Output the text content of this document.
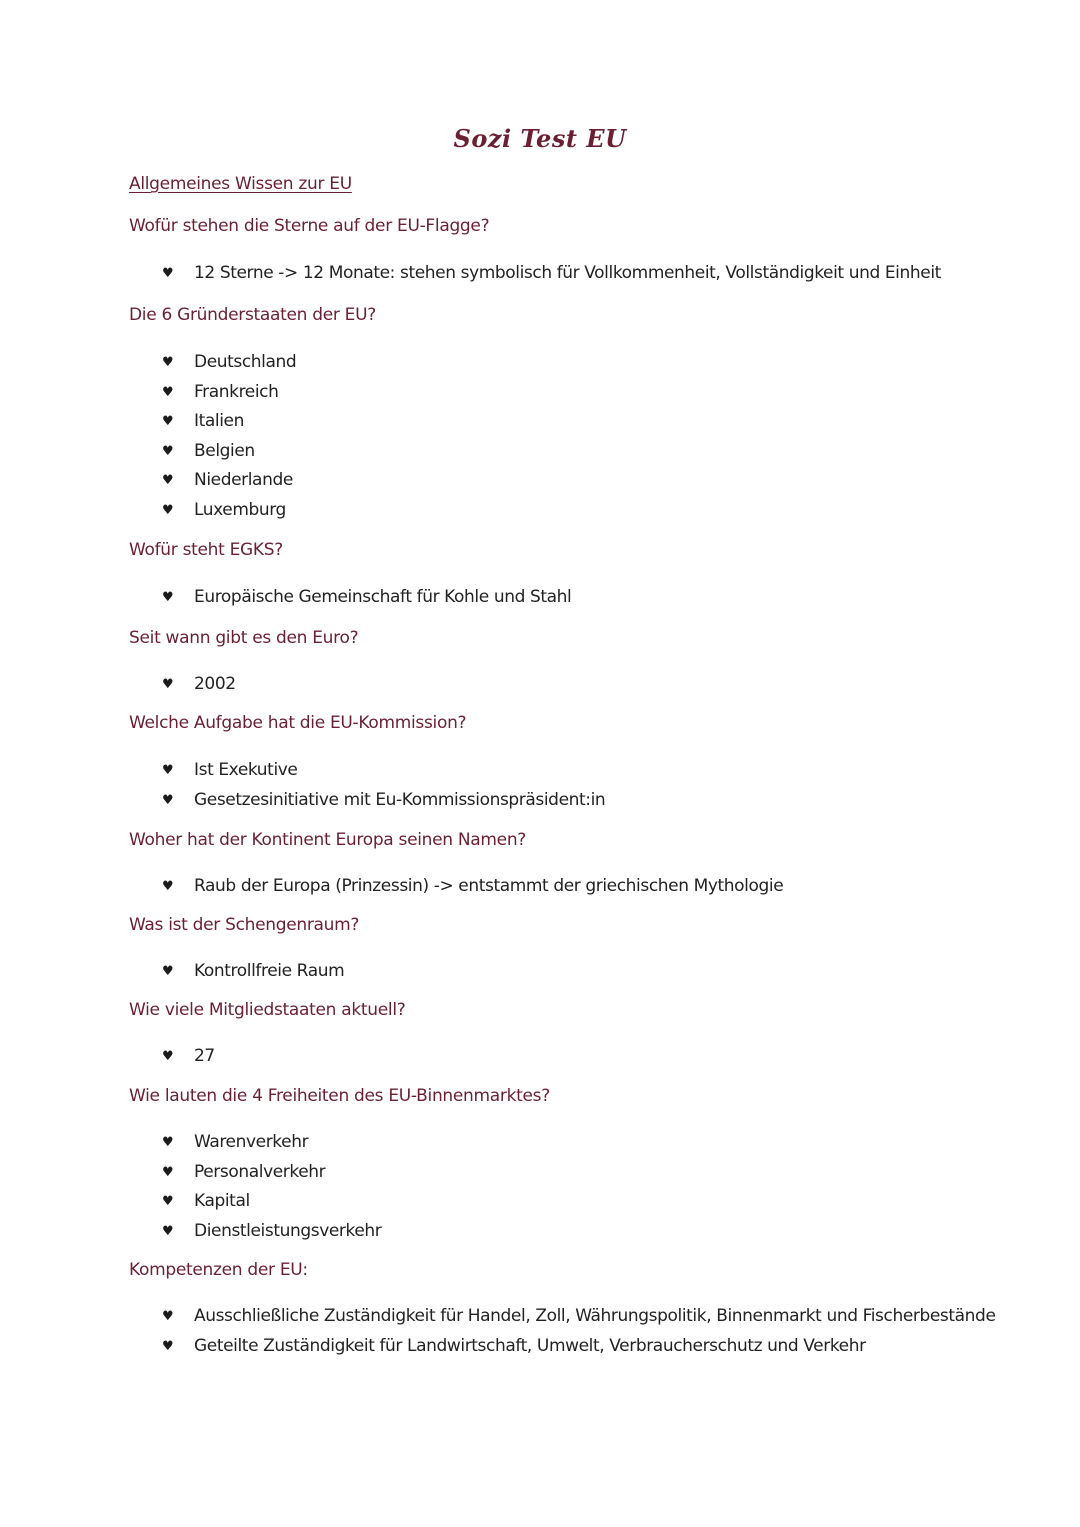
Sozi Test EU
Allgemeines Wissen zur EU
Wofür stehen die Sterne auf der EU-Flagge?
♥ 12 Sterne -> 12 Monate: stehen symbolisch für Vollkommenheit, Vollständigkeit und Einheit
Die 6 Gründerstaaten der EU?
♥ Deutschland
♥ Frankreich
♥ Italien
♥ Belgien
♥ Niederlande
♥ Luxemburg
Wofür steht EGKS?
♥ Europäische Gemeinschaft für Kohle und Stahl
Seit wann gibt es den Euro?
♥ 2002
Welche Aufgabe hat die EU-Kommission?
♥ Ist Exekutive
♥ Gesetzesinitiative mit Eu-Kommissionspräsident:in
Woher hat der Kontinent Europa seinen Namen?
♥ Raub der Europa (Prinzessin) -> entstammt der griechischen Mythologie
Was ist der Schengenraum?
♥ Kontrollfreie Raum
Wie viele Mitgliedstaaten aktuell?
♥ 27
Wie lauten die 4 Freiheiten des EU-Binnenmarktes?
♥ Warenverkehr
♥ Personalverkehr
♥ Kapital
♥ Dienstleistungsverkehr
Kompetenzen der EU:
♥ Ausschließliche Zuständigkeit für Handel, Zoll, Währungspolitik, Binnenmarkt und Fischerbestände
♥ Geteilte Zuständigkeit für Landwirtschaft, Umwelt, Verbraucherschutz und Verkehr
